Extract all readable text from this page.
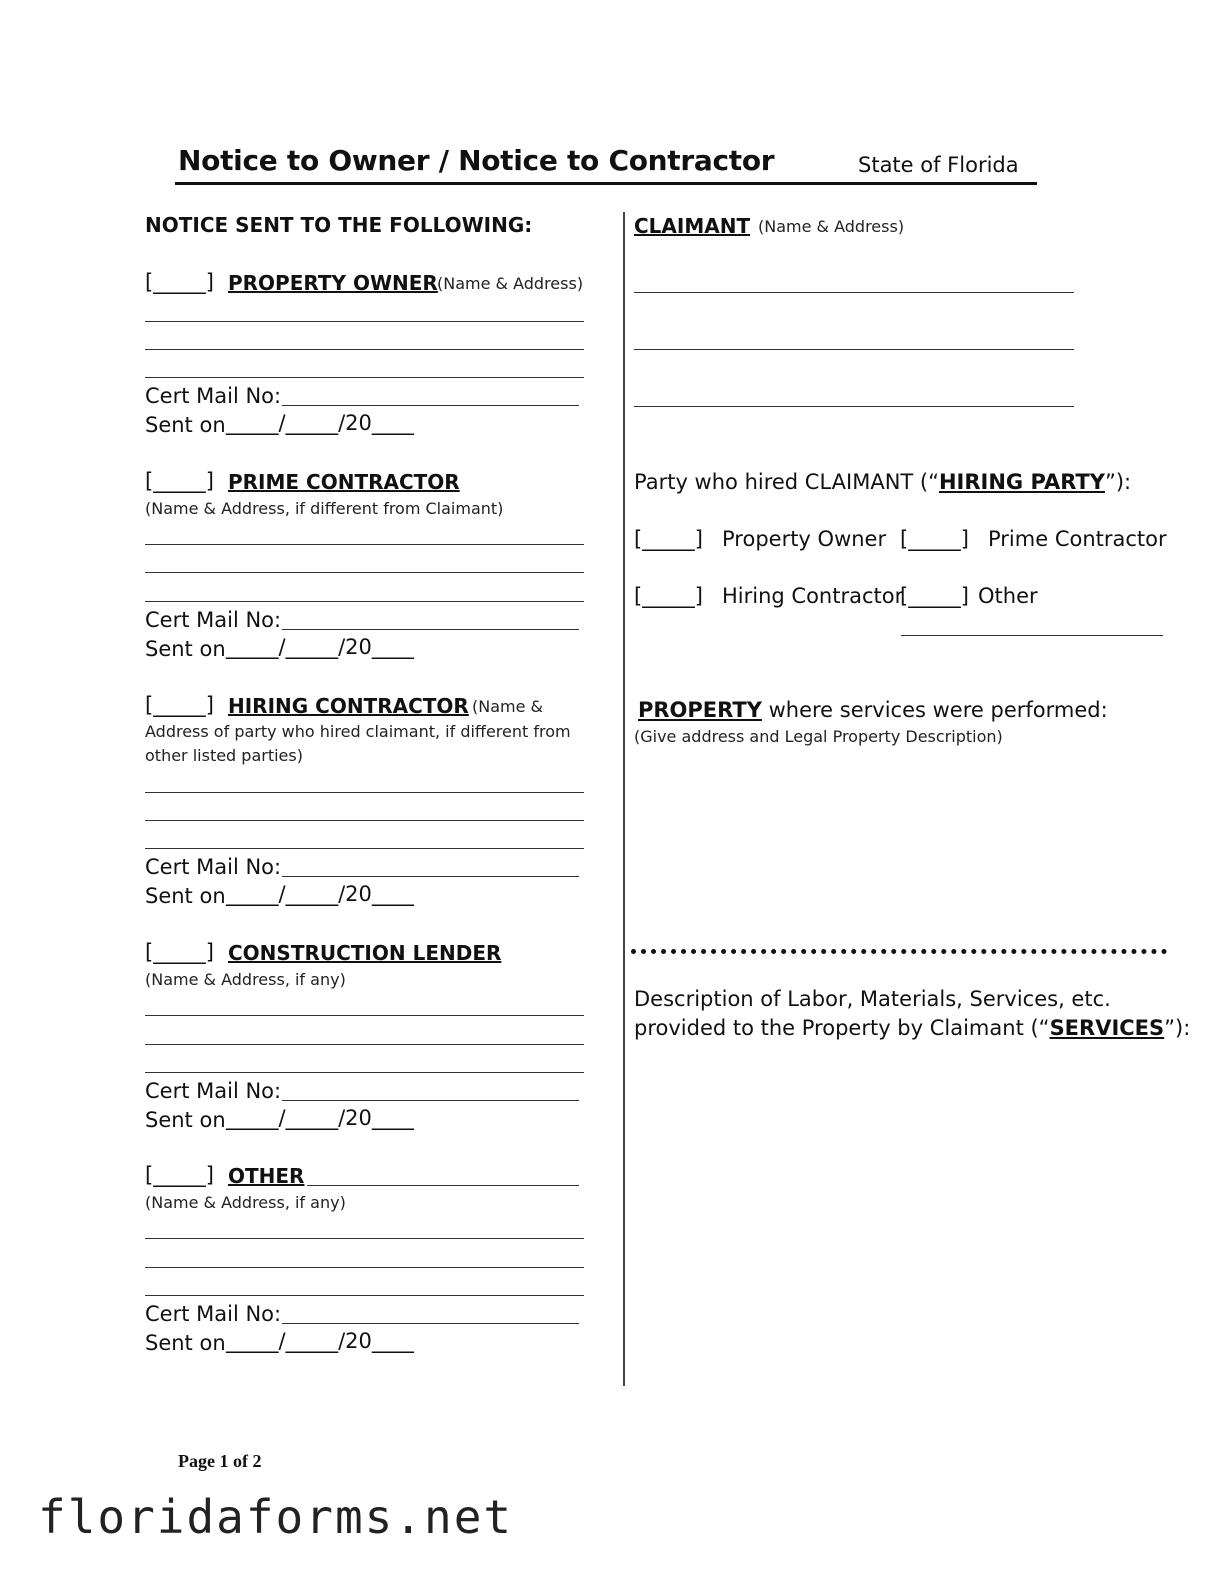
Notice to Owner / Notice to Contractor	State of Florida
NOTICE SENT TO THE FOLLOWING:
[_____] PROPERTY OWNER (Name & Address)
Cert Mail No:
Sent on _____/_____/20____
[_____] PRIME CONTRACTOR
(Name & Address, if different from Claimant)
Cert Mail No:
Sent on _____/_____/20____
[_____] HIRING CONTRACTOR (Name &
Address of party who hired claimant, if different from
other listed parties)
Cert Mail No:
Sent on _____/_____/20____
[_____] CONSTRUCTION LENDER
(Name & Address, if any)
Cert Mail No:
Sent on _____/_____/20____
[_____] OTHER
(Name & Address, if any)
Cert Mail No:
Sent on _____/_____/20____
CLAIMANT (Name & Address)
Party who hired CLAIMANT (“HIRING PARTY”):
[_____] Property Owner [_____] Prime Contractor
[_____] Hiring Contractor
[_____] Other
PROPERTY where services were performed:
(Give address and Legal Property Description)
Description of Labor, Materials, Services, etc.
provided to the Property by Claimant (“SERVICES”):
Page 1 of 2
floridaforms.net
